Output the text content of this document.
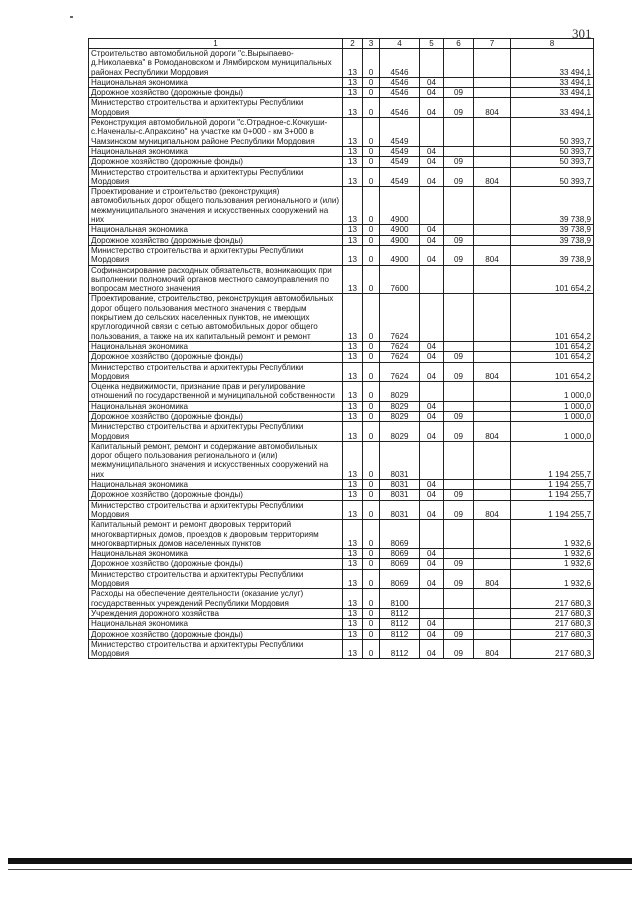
301
1	2	3	4	5	6	7	8
Строительство автомобильной дороги "с.Вырыпаево-д.Николаевка" в Ромодановском и Лямбирском муниципальных районах Республики Мордовия	13	0	4546				33 494,1
Национальная экономика	13	0	4546	04			33 494,1
Дорожное хозяйство (дорожные фонды)	13	0	4546	04	09		33 494,1
Министерство строительства и архитектуры Республики Мордовия	13	0	4546	04	09	804	33 494,1
Реконструкция автомобильной дороги "с.Отрадное-с.Кочкуши-с.Наченалы-с.Апраксино" на участке км 0+000 - км 3+000 в Чамзинском муниципальном районе Республики Мордовия	13	0	4549				50 393,7
Национальная экономика	13	0	4549	04			50 393,7
Дорожное хозяйство (дорожные фонды)	13	0	4549	04	09		50 393,7
Министерство строительства и архитектуры Республики Мордовия	13	0	4549	04	09	804	50 393,7
Проектирование и строительство (реконструкция) автомобильных дорог общего пользования регионального и (или) межмуниципального значения и искусственных сооружений на них	13	0	4900				39 738,9
Национальная экономика	13	0	4900	04			39 738,9
Дорожное хозяйство (дорожные фонды)	13	0	4900	04	09		39 738,9
Министерство строительства и архитектуры Республики Мордовия	13	0	4900	04	09	804	39 738,9
Софинансирование расходных обязательств, возникающих при выполнении полномочий органов местного самоуправления по вопросам местного значения	13	0	7600				101 654,2
Проектирование, строительство, реконструкция автомобильных дорог общего пользования местного значения с твердым покрытием до сельских населенных пунктов, не имеющих круглогодичной связи с сетью автомобильных дорог общего пользования, а также на их капитальный ремонт и ремонт	13	0	7624				101 654,2
Национальная экономика	13	0	7624	04			101 654,2
Дорожное хозяйство (дорожные фонды)	13	0	7624	04	09		101 654,2
Министерство строительства и архитектуры Республики Мордовия	13	0	7624	04	09	804	101 654,2
Оценка недвижимости, признание прав и регулирование отношений по государственной и муниципальной собственности	13	0	8029				1 000,0
Национальная экономика	13	0	8029	04			1 000,0
Дорожное хозяйство (дорожные фонды)	13	0	8029	04	09		1 000,0
Министерство строительства и архитектуры Республики Мордовия	13	0	8029	04	09	804	1 000,0
Капитальный ремонт, ремонт и содержание автомобильных дорог общего пользования регионального и (или) межмуниципального значения и искусственных сооружений на них	13	0	8031				1 194 255,7
Национальная экономика	13	0	8031	04			1 194 255,7
Дорожное хозяйство (дорожные фонды)	13	0	8031	04	09		1 194 255,7
Министерство строительства и архитектуры Республики Мордовия	13	0	8031	04	09	804	1 194 255,7
Капитальный ремонт и ремонт дворовых территорий многоквартирных домов, проездов к дворовым территориям многоквартирных домов населенных пунктов	13	0	8069				1 932,6
Национальная экономика	13	0	8069	04			1 932,6
Дорожное хозяйство (дорожные фонды)	13	0	8069	04	09		1 932,6
Министерство строительства и архитектуры Республики Мордовия	13	0	8069	04	09	804	1 932,6
Расходы на обеспечение деятельности (оказание услуг) государственных учреждений Республики Мордовия	13	0	8100				217 680,3
Учреждения дорожного хозяйства	13	0	8112				217 680,3
Национальная экономика	13	0	8112	04			217 680,3
Дорожное хозяйство (дорожные фонды)	13	0	8112	04	09		217 680,3
Министерство строительства и архитектуры Республики Мордовия	13	0	8112	04	09	804	217 680,3
